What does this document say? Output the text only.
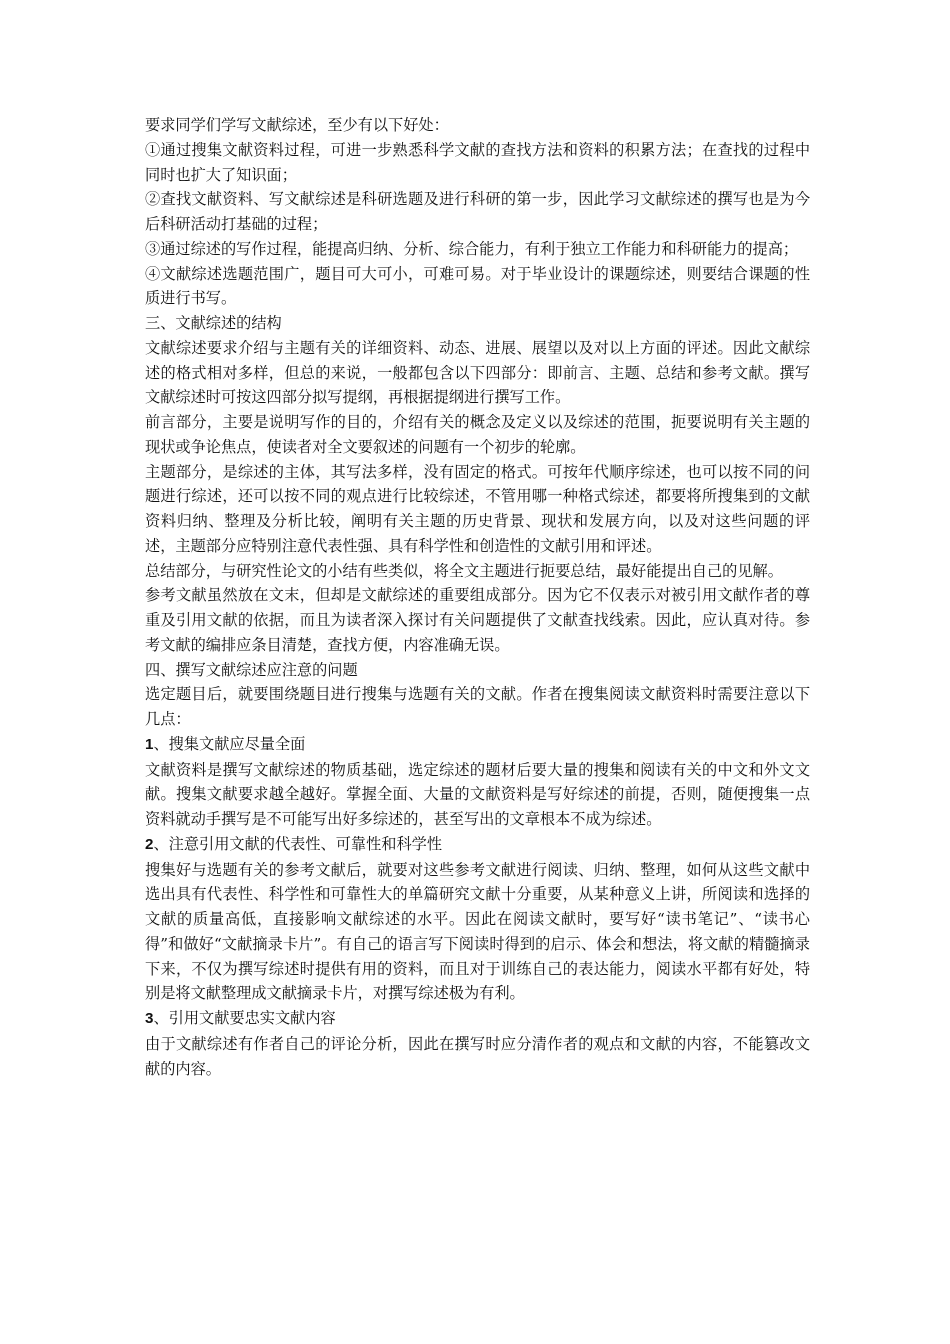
要求同学们学写文献综述，至少有以下好处：

①通过搜集文献资料过程，可进一步熟悉科学文献的查找方法和资料的积累方法；在查找的过程中同时也扩大了知识面；

②查找文献资料、写文献综述是科研选题及进行科研的第一步，因此学习文献综述的撰写也是为今后科研活动打基础的过程；

③通过综述的写作过程，能提高归纳、分析、综合能力，有利于独立工作能力和科研能力的提高；

④文献综述选题范围广，题目可大可小，可难可易。对于毕业设计的课题综述，则要结合课题的性质进行书写。

三、文献综述的结构

文献综述要求介绍与主题有关的详细资料、动态、进展、展望以及对以上方面的评述。因此文献综述的格式相对多样，但总的来说，一般都包含以下四部分：即前言、主题、总结和参考文献。撰写文献综述时可按这四部分拟写提纲，再根据提纲进行撰写工作。

前言部分，主要是说明写作的目的，介绍有关的概念及定义以及综述的范围，扼要说明有关主题的现状或争论焦点，使读者对全文要叙述的问题有一个初步的轮廓。

主题部分，是综述的主体，其写法多样，没有固定的格式。可按年代顺序综述，也可以按不同的问题进行综述，还可以按不同的观点进行比较综述，不管用哪一种格式综述，都要将所搜集到的文献资料归纳、整理及分析比较，阐明有关主题的历史背景、现状和发展方向，以及对这些问题的评述，主题部分应特别注意代表性强、具有科学性和创造性的文献引用和评述。

总结部分，与研究性论文的小结有些类似，将全文主题进行扼要总结，最好能提出自己的见解。

参考文献虽然放在文末，但却是文献综述的重要组成部分。因为它不仅表示对被引用文献作者的尊重及引用文献的依据，而且为读者深入探讨有关问题提供了文献查找线索。因此，应认真对待。参考文献的编排应条目清楚，查找方便，内容准确无误。

四、撰写文献综述应注意的问题

选定题目后，就要围绕题目进行搜集与选题有关的文献。作者在搜集阅读文献资料时需要注意以下几点：

1、搜集文献应尽量全面

文献资料是撰写文献综述的物质基础，选定综述的题材后要大量的搜集和阅读有关的中文和外文文献。搜集文献要求越全越好。掌握全面、大量的文献资料是写好综述的前提，否则，随便搜集一点资料就动手撰写是不可能写出好多综述的，甚至写出的文章根本不成为综述。

2、注意引用文献的代表性、可靠性和科学性

搜集好与选题有关的参考文献后，就要对这些参考文献进行阅读、归纳、整理，如何从这些文献中选出具有代表性、科学性和可靠性大的单篇研究文献十分重要，从某种意义上讲，所阅读和选择的文献的质量高低，直接影响文献综述的水平。因此在阅读文献时，要写好“读书笔记”、“读书心得”和做好“文献摘录卡片”。有自己的语言写下阅读时得到的启示、体会和想法，将文献的精髓摘录下来，不仅为撰写综述时提供有用的资料，而且对于训练自己的表达能力，阅读水平都有好处，特别是将文献整理成文献摘录卡片，对撰写综述极为有利。

3、引用文献要忠实文献内容

由于文献综述有作者自己的评论分析，因此在撰写时应分清作者的观点和文献的内容，不能篡改文献的内容。
